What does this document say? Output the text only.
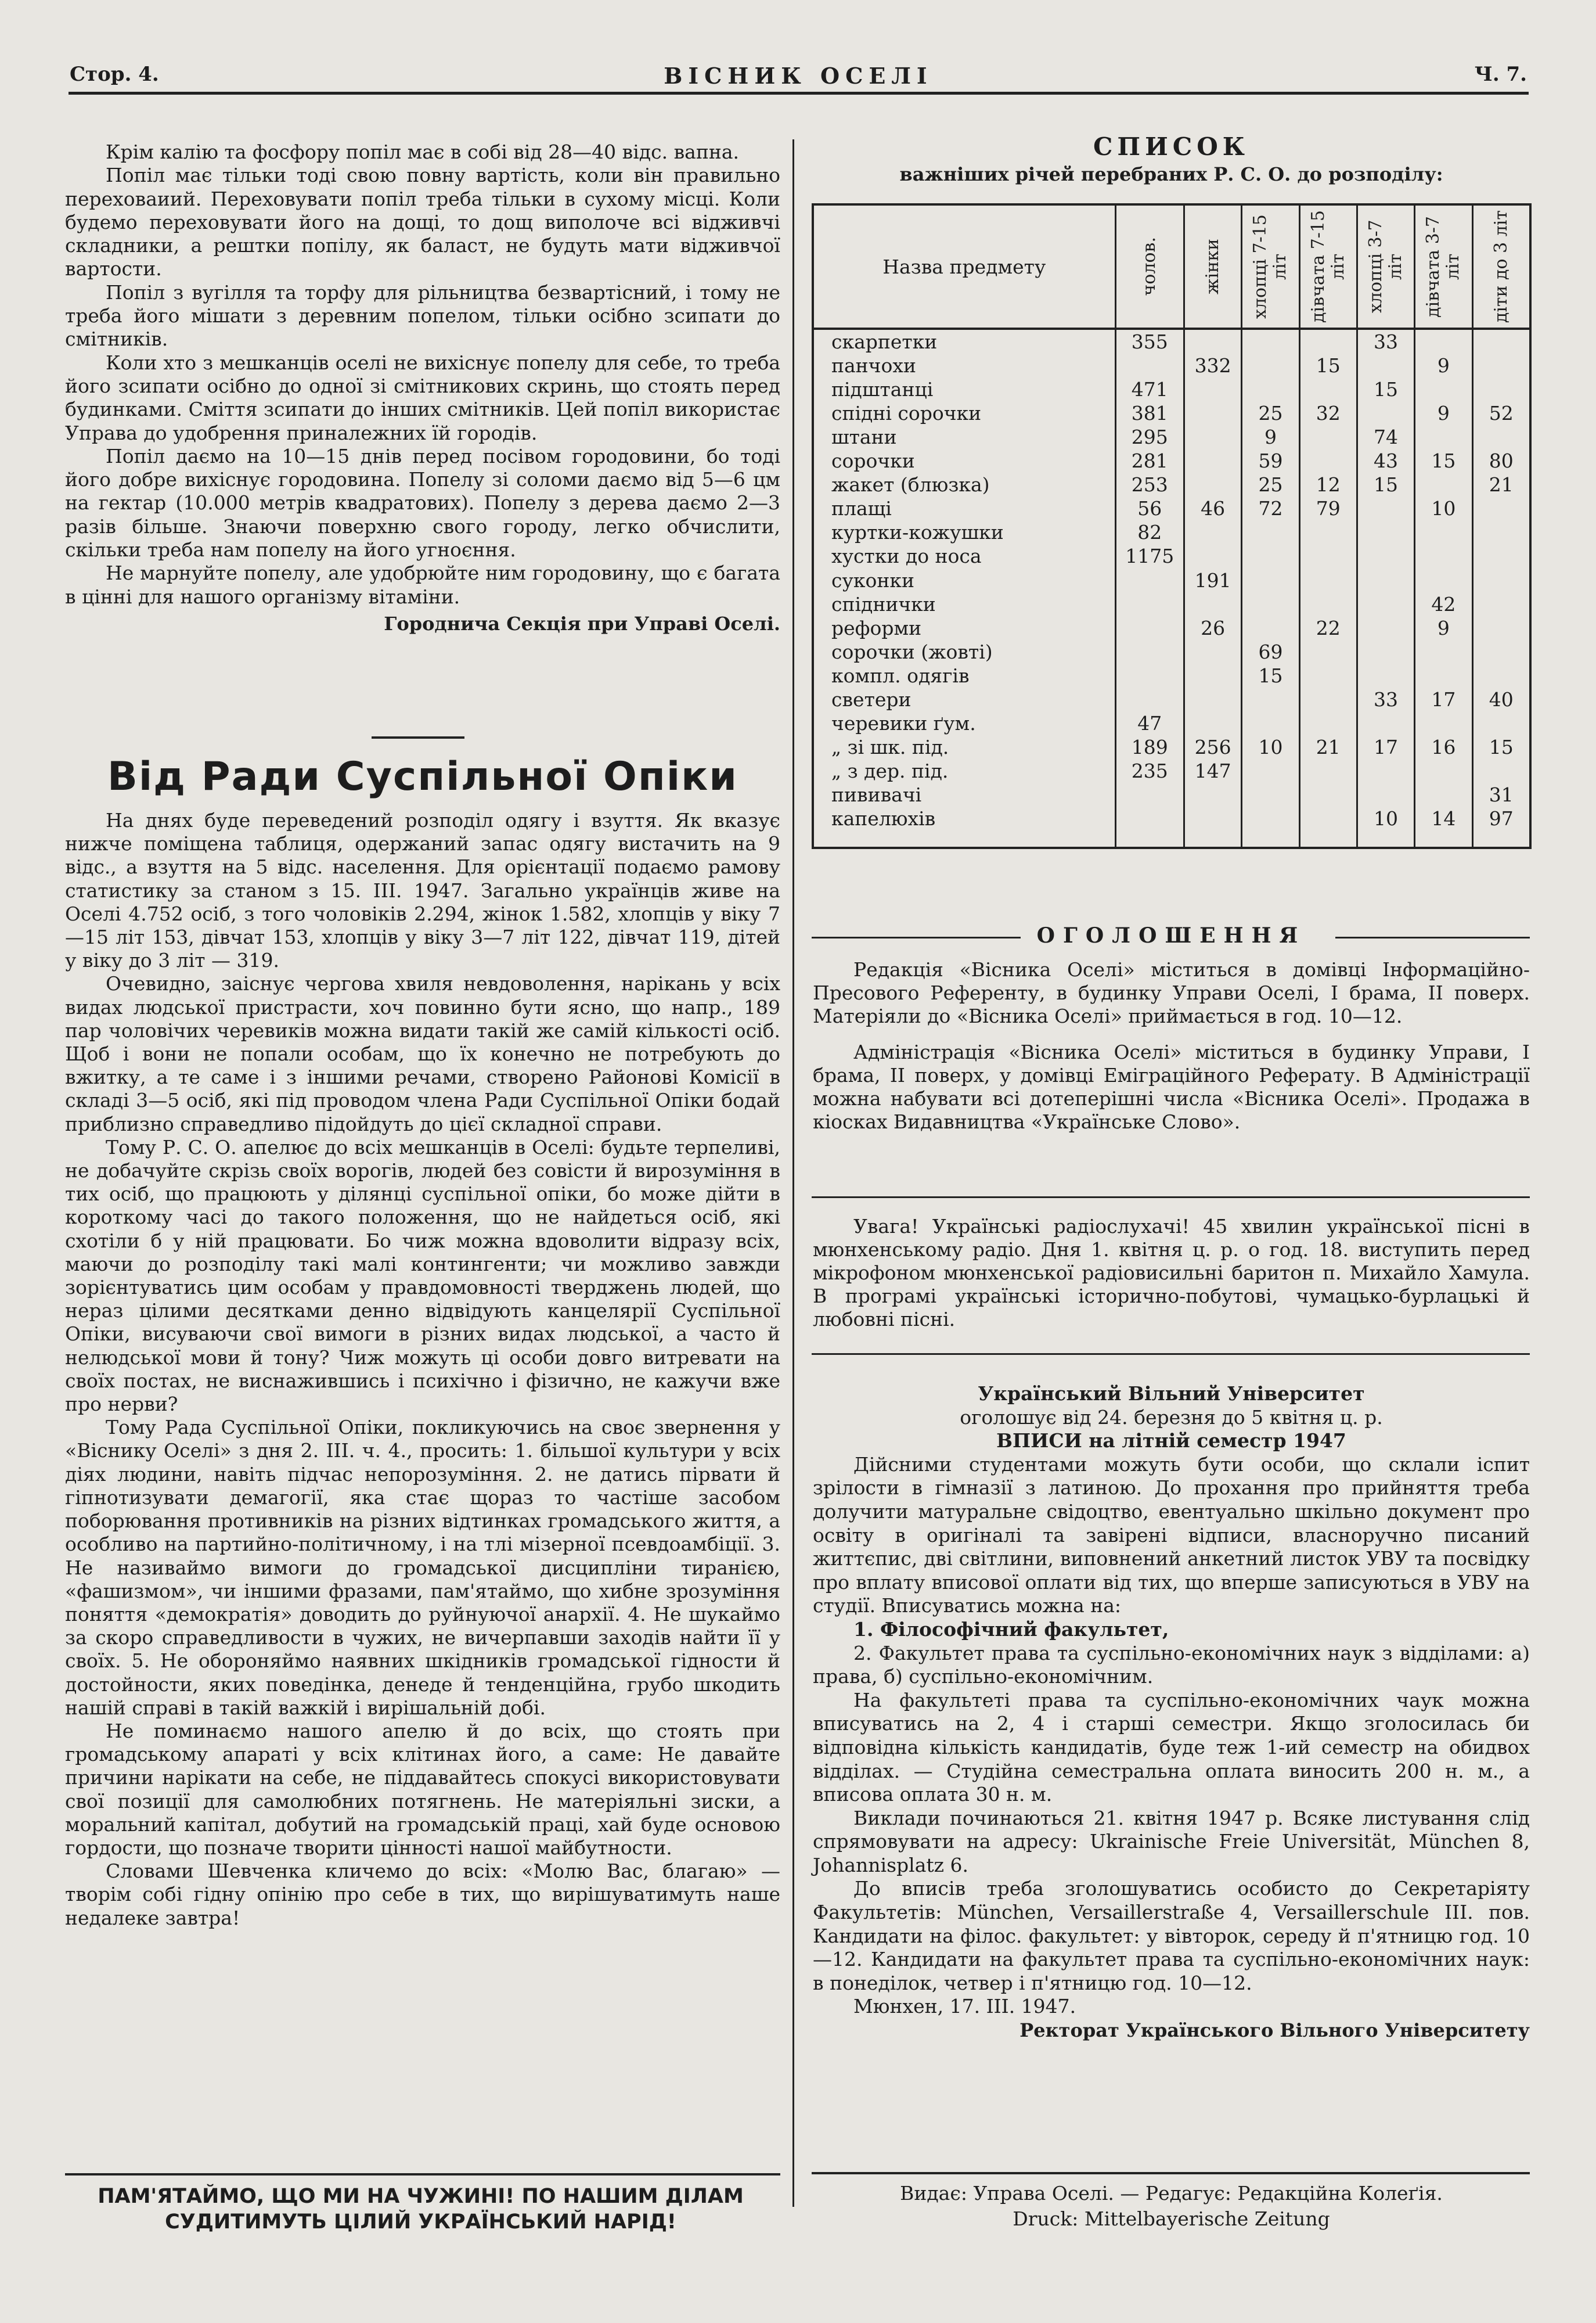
Стор. 4.	ВІСНИК ОСЕЛІ	Ч. 7.

Крім калію та фосфору попіл має в собі від 28—40 відс. вапна.

Попіл має тільки тоді свою повну вартість, коли він правильно переховаиий. Переховувати попіл треба тільки в сухому місці. Коли будемо переховувати його на дощі, то дощ виполоче всі відживчі складники, а рештки попілу, як баласт, не будуть мати відживчої вартости.

Попіл з вугілля та торфу для рільництва безвартісний, і тому не треба його мішати з деревним попелом, тільки осібно зсипати до смітників.

Коли хто з мешканців оселі не вихіснує попелу для себе, то треба його зсипати осібно до одної зі смітникових скринь, що стоять перед будинками. Сміття зсипати до інших смітників. Цей попіл використає Управа до удобрення приналежних їй городів.

Попіл даємо на 10—15 днів перед посівом городовини, бо тоді його добре вихіснує городовина. Попелу зі соломи даємо від 5—6 цм на гектар (10.000 метрів квадратових). Попелу з дерева даємо 2—3 разів більше. Знаючи поверхню свого городу, легко обчислити, скільки треба нам попелу на його угноєння.

Не марнуйте попелу, але удобрюйте ним городовину, що є багата в цінні для нашого організму вітаміни.

Городнича Секція при Управі Оселі.
Від Ради Суспільної Опіки

На днях буде переведений розподіл одягу і взуття. Як вказує нижче поміщена таблиця, одержаний запас одягу вистачить на 9 відс., а взуття на 5 відс. населення. Для орієнтації подаємо рамову статистику за станом з 15. III. 1947. Загально українців живе на Оселі 4.752 осіб, з того чоловіків 2.294, жінок 1.582, хлопців у віку 7—15 літ 153, дівчат 153, хлопців у віку 3—7 літ 122, дівчат 119, дітей у віку до 3 літ — 319.

Очевидно, заіснує чергова хвиля невдоволення, нарікань у всіх видах людської пристрасти, хоч повинно бути ясно, що напр., 189 пар чоловічих черевиків можна видати такій же самій кількості осіб. Щоб і вони не попали особам, що їх конечно не потребують до вжитку, а те саме і з іншими речами, створено Районові Комісії в складі 3—5 осіб, які під проводом члена Ради Суспільної Опіки бодай приблизно справедливо підойдуть до цієї складної справи.

Тому Р. С. О. апелює до всіх мешканців в Оселі: будьте терпеливі, не добачуйте скрізь своїх ворогів, людей без совісти й вирозуміння в тих осіб, що працюють у ділянці суспільної опіки, бо може дійти в короткому часі до такого положення, що не найдеться осіб, які схотіли б у ній працювати. Бо чиж можна вдоволити відразу всіх, маючи до розподілу такі малі контингенти; чи можливо завжди зорієнтуватись цим особам у правдомовності тверджень людей, що нераз цілими десятками денно відвідують канцелярії Суспільної Опіки, висуваючи свої вимоги в різних видах людської, а часто й нелюдської мови й тону? Чиж можуть ці особи довго витревати на своїх постах, не виснажившись і психічно і фізично, не кажучи вже про нерви?

Тому Рада Суспільної Опіки, покликуючись на своє звернення у «Віснику Оселі» з дня 2. III. ч. 4., просить: 1. більшої культури у всіх діях людини, навіть підчас непорозуміння. 2. не датись пірвати й гіпнотизувати демагогії, яка стає щораз то частіше засобом поборювання противників на різних відтинках громадського життя, а особливо на партийно-політичному, і на тлі мізерної псевдоамбіції. 3. Не називаймо вимоги до громадської дисципліни тиранією, «фашизмом», чи іншими фразами, пам'ятаймо, що хибне зрозуміння поняття «демократія» доводить до руйнуючої анархії. 4. Не шукаймо за скоро справедливости в чужих, не вичерпавши заходів найти її у своїх. 5. Не обороняймо наявних шкідників громадської гідности й достойности, яких поведінка, денеде й тенденційна, грубо шкодить нашій справі в такій важкій і вирішальній добі.

Не поминаємо нашого апелю й до всіх, що стоять при громадському апараті у всіх клітинах його, а саме: Не давайте причини нарікати на себе, не піддавайтесь спокусі використовувати свої позиції для самолюбних потягнень. Не матеріяльні зиски, а моральний капітал, добутий на громадській праці, хай буде основою гордости, що позначе творити цінності нашої майбутности.

Словами Шевченка кличемо до всіх: «Молю Вас, благаю» — творім собі гідну опінію про себе в тих, що вирішуватимуть наше недалеке завтра!

ПАМ'ЯТАЙМО, ЩО МИ НА ЧУЖИНІ! ПО НАШИМ ДІЛАМ СУДИТИМУТЬ ЦІЛИЙ УКРАЇНСЬКИЙ НАРІД!
СПИСОК
важніших річей перебраних Р. С. О. до розподілу:
Назва предмету	чолов.	жінки	хлопці 7-15 літ	дівчата 7-15 літ	хлопці 3-7 літ	дівчата 3-7 літ	діти до 3 літ

скарпетки	355				33		
панчохи		332		15		9	
підштанці	471				15		
спідні сорочки	381		25	32		9	52
штани	295		9		74		
сорочки	281		59		43	15	80
жакет (блюзка)	253		25	12	15		21
плащі	56	46	72	79		10	
куртки-кожушки	82						
хустки до носа	1175						
суконки		191					
спіднички						42	
реформи		26		22		9	
сорочки (жовті)			69				
компл. одягів			15				
светери					33	17	40
черевики ґум.	47						
„ зі шк. під.	189	256	10	21	17	16	15
„ з дер. під.	235	147					
пививачі							31
капелюхів					10	14	97

ОГОЛОШЕННЯ

Редакція «Вісника Оселі» міститься в домівці Інформаційно-Пресового Референту, в будинку Управи Оселі, I брама, II поверх. Матеріяли до «Вісника Оселі» приймається в год. 10—12.

Адміністрація «Вісника Оселі» міститься в будинку Управи, I брама, II поверх, у домівці Еміграційного Реферату. В Адміністрації можна набувати всі дотеперішні числа «Вісника Оселі». Продажа в кіосках Видавництва «Українське Слово».

Увага! Українські радіослухачі! 45 хвилин української пісні в мюнхенському радіо. Дня 1. квітня ц. р. о год. 18. виступить перед мікрофоном мюнхенської радіовисильні баритон п. Михайло Хамула. В програмі українські історично-побутові, чумацько-бурлацькі й любовні пісні.

Український Вільний Університет
оголошує від 24. березня до 5 квітня ц. р.
ВПИСИ на літній семестр 1947

Дійсними студентами можуть бути особи, що склали іспит зрілости в гімназії з латиною. До прохання про прийняття треба долучити матуральне свідоцтво, евентуально шкільно документ про освіту в оригіналі та завірені відписи, власноручно писаний життєпис, дві світлини, виповнений анкетний листок УВУ та посвідку про вплату вписової оплати від тих, що вперше записуються в УВУ на студії. Вписуватись можна на:

1. Філософічний факультет,

2. Факультет права та суспільно-економічних наук з відділами: а) права, б) суспільно-економічним.

На факультеті права та суспільно-економічних чаук можна вписуватись на 2, 4 і старші семестри. Якщо зголосилась би відповідна кількість кандидатів, буде теж 1-ий семестр на обидвох відділах. — Студійна семестральна оплата виносить 200 н. м., а вписова оплата 30 н. м.

Виклади починаються 21. квітня 1947 р. Всяке листування слід спрямовувати на адресу: Ukrainische Freie Universität, München 8, Johannisplatz 6.

До вписів треба зголошуватись особисто до Секретаріяту Факультетів: München, Versaillerstraße 4, Versaillerschule III. пов. Кандидати на філос. факультет: у вівторок, середу й п'ятницю год. 10—12. Кандидати на факультет права та суспільно-економічних наук: в понеділок, четвер і п'ятницю год. 10—12.

Мюнхен, 17. III. 1947.

Ректорат Українського Вільного Університету
Видає: Управа Оселі. — Редагує: Редакційна Колеґія.
Druck: Mittelbayerische Zeitung
